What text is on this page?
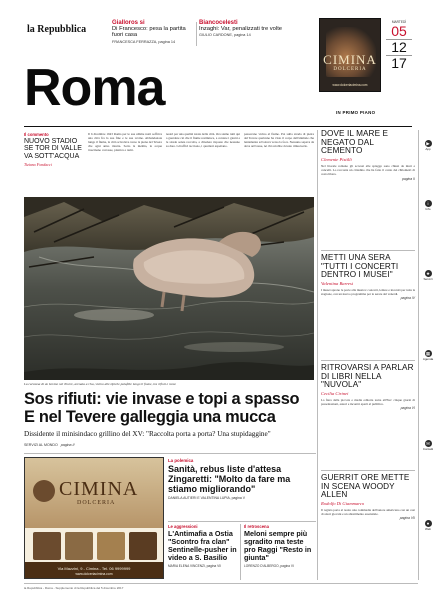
la Repubblica
Gialloros si
Di Francesco: pesa la partita fuori casa
FRANCESCA FERRAZZA, pagina 14
Biancocelesti
Inzaghi: Var, penalizzati tre volte
GIULIO CARDONE, pagina 14
CIMINA
DOLCERIA
www.dolceriacimina.com
MARTEDÌ
05
12
17
Roma	IN PRIMO PIANO
Il commento
NUOVO STADIO SE TOR DI VALLE VA SOTT'ACQUA
Tiziano Fondacci
Il 6 dicembre 1943 Roma per le sue ultime notti soffriva una città fra la sua fine e le sue rovine. Abbandonata lungo il fiume, la città scivolava verso la piena del Tevere che ogni anno ritorna. Sotto la melma, le acque trascinano carcasse, plastica e rami.
nostri per una qualità totale della città. Ora siamo tutti qui a guardare ciò che il fiume restituisce, a contare i giorni e le strade senza raccolta, a chiedere risposte che nessuno sa dare. Gli uffici tacciono, i quartieri aspettano.
passavano vicino al fiume. Poi sulla strada di pietra del Tevere qualcuno ha visto il corpo dell'animale che lentamente scivolava verso la foce. Nessuno sapeva da dove arrivasse, né chi avrebbe dovuto rimuoverlo.
La carcassa di un bovino nel Tevere, arenata a riva, vicino alle tipiche palafitte lungo il fiume, tra rifiuti e rami.
Sos rifiuti: vie invase e topi a spasso
E nel Tevere galleggia una mucca
Dissidente il minisindaco grillino del XV: "Raccolta porta a porta? Una stupidaggine"
SERVIZI AL MONDO pagina II
CIMINA
DOLCERIA
Via Mazzini, 9 - Cimina - Tel. 06 9999999
www.dolceriacimina.com
La polemica
Sanità, rebus liste d'attesa Zingaretti: "Molto da fare ma stiamo migliorando"
DANIELA AUTIERI E VALENTINA LUPIA, pagina V
Le aggressioni
L'Antimafia a Ostia "Scontro fra clan" Sentinelle-pusher in video a S. Basilio
MARIA ELENA VINCENZI, pagina VII
Il retroscena
Meloni sempre più sgradito ma teste pro Raggi "Resto in giunta"
LORENZO D'ALBERGO, pagina VI
DOVE IL MARE E NEGATO DAL CEMENTO
Clemente Pistilli
Nel litorale romano gli accessi alle spiagge sono chiusi da muri e cancelli. Lo racconta un cittadino che ha fatto il conto dei chilometri di costa libera.
pagina II
METTI UNA SERA "TUTTI I CONCERTI DENTRO I MUSEI"
Valentina Barresi
I musei aprono le porte alla musica: concerti, letture e incontri per tutta la stagione, con un nuovo programma per le serate del venerdì.
pagina IV
RITROVARSI A PARLAR DI LIBRI NELLA "NUVOLA"
Cecilia Cirinei
La fiera della piccola e media editoria torna all'Eur: cinque giorni di presentazioni, autori e incontri aperti al pubblico.
pagina VI
GUERRIT ORE METTE IN SCENA WOODY ALLEN
Rodolfo Di Giammarco
Il regista porta al teatro una commedia dell'autore americano con un cast di attori giovani e un allestimento essenziale.
pagina VII
▶
App
i
Info
★
Servizi
▦
Agenda
✉
Contatti
●
Web
la Repubblica - Roma - Supplemento di la Repubblica del 5 dicembre 2017
